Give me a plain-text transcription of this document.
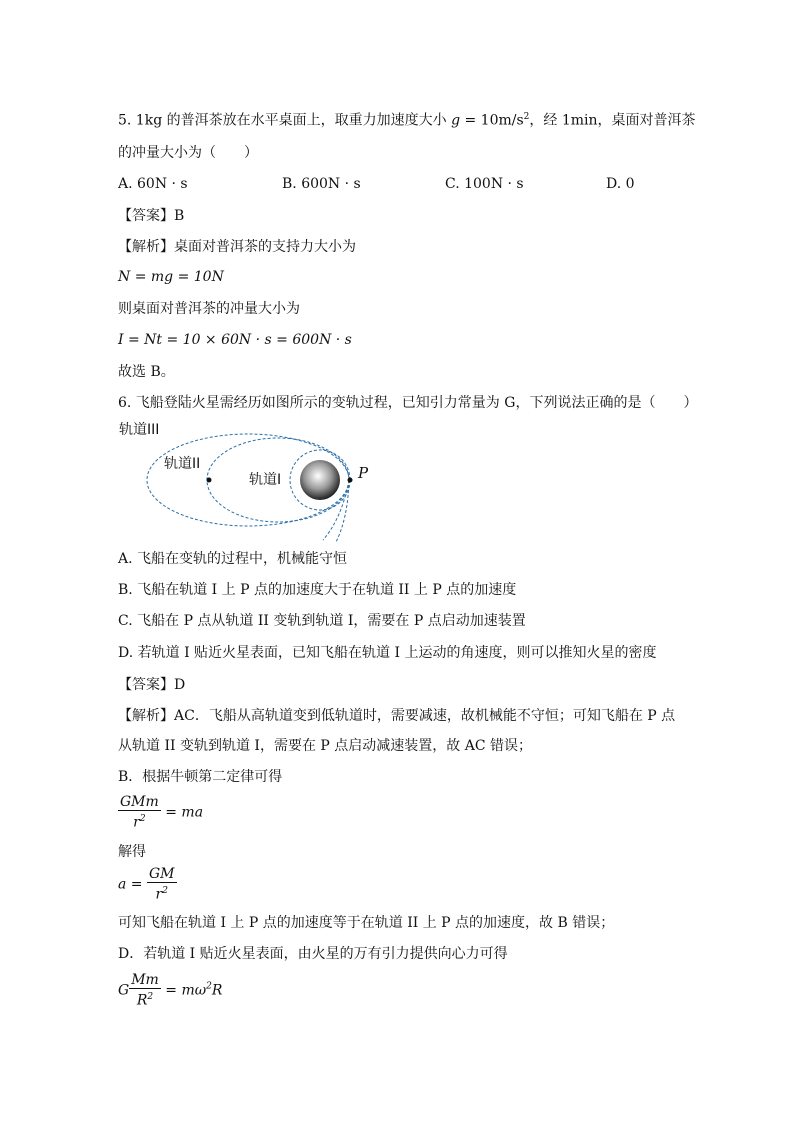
5. 1kg 的普洱茶放在水平桌面上，取重力加速度大小 $g = 10m/s^2$，经 1min，桌面对普洱茶
的冲量大小为（　　）
A. 60N · s	B. 600N · s	C. 100N · s	D. 0
【答案】B
【解析】桌面对普洱茶的支持力大小为
N = mg = 10N
则桌面对普洱茶的冲量大小为
I = Nt = 10 × 60N · s = 600N · s
故选 B。
6. 飞船登陆火星需经历如图所示的变轨过程，已知引力常量为 G，下列说法正确的是（　　）
轨道III
轨道II
轨道I	P
A. 飞船在变轨的过程中，机械能守恒
B. 飞船在轨道 I 上 P 点的加速度大于在轨道 II 上 P 点的加速度
C. 飞船在 P 点从轨道 II 变轨到轨道 I，需要在 P 点启动加速装置
D. 若轨道 I 贴近火星表面，已知飞船在轨道 I 上运动的角速度，则可以推知火星的密度
【答案】D
【解析】AC．飞船从高轨道变到低轨道时，需要减速，故机械能不守恒；可知飞船在 P 点
从轨道 II 变轨到轨道 I，需要在 P 点启动减速装置，故 AC 错误；
B．根据牛顿第二定律可得
$\frac{\text{GMm}}{r^2}$ = ma
解得
$a = \frac{GM}{r^2}$
可知飞船在轨道 I 上 P 点的加速度等于在轨道 II 上 P 点的加速度，故 B 错误；
D．若轨道 I 贴近火星表面，由火星的万有引力提供向心力可得
G $\frac{Mm}{R^2} = m\omega^2R$
